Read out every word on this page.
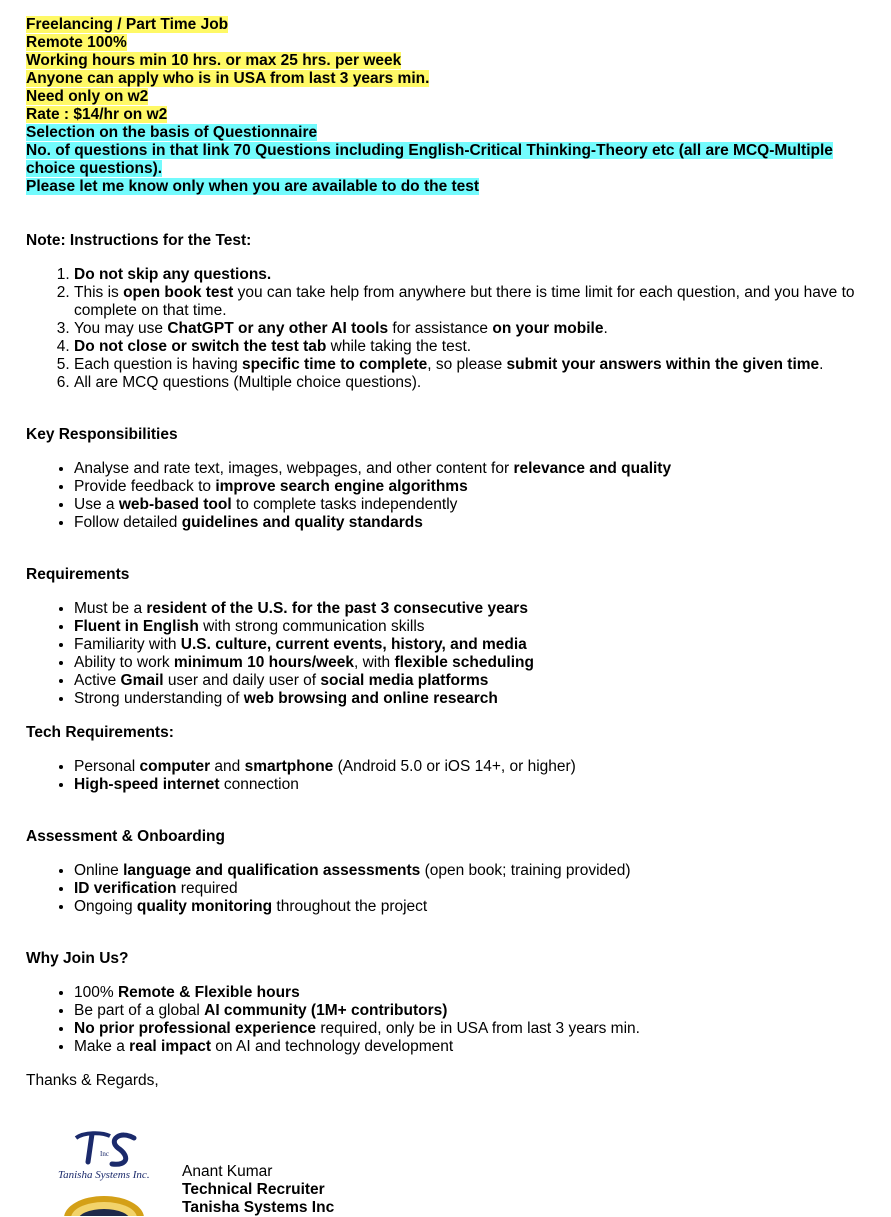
Freelancing / Part Time Job
Remote 100%
Working hours min 10 hrs. or max 25 hrs. per week
Anyone can apply who is in USA from last 3 years min.
Need only on w2
Rate : $14/hr on w2
Selection on the basis of Questionnaire
No. of questions in that link 70 Questions including English-Critical Thinking-Theory etc (all are MCQ-Multiple choice questions).
Please let me know only when you are available to do the test

Note: Instructions for the Test:

1. Do not skip any questions.
2. This is open book test you can take help from anywhere but there is time limit for each question, and you have to complete on that time.
3. You may use ChatGPT or any other AI tools for assistance on your mobile.
4. Do not close or switch the test tab while taking the test.
5. Each question is having specific time to complete, so please submit your answers within the given time.
6. All are MCQ questions (Multiple choice questions).

Key Responsibilities

• Analyse and rate text, images, webpages, and other content for relevance and quality
• Provide feedback to improve search engine algorithms
• Use a web-based tool to complete tasks independently
• Follow detailed guidelines and quality standards

Requirements

• Must be a resident of the U.S. for the past 3 consecutive years
• Fluent in English with strong communication skills
• Familiarity with U.S. culture, current events, history, and media
• Ability to work minimum 10 hours/week, with flexible scheduling
• Active Gmail user and daily user of social media platforms
• Strong understanding of web browsing and online research

Tech Requirements:

• Personal computer and smartphone (Android 5.0 or iOS 14+, or higher)
• High-speed internet connection

Assessment & Onboarding

• Online language and qualification assessments (open book; training provided)
• ID verification required
• Ongoing quality monitoring throughout the project

Why Join Us?

• 100% Remote & Flexible hours
• Be part of a global AI community (1M+ contributors)
• No prior professional experience required, only be in USA from last 3 years min.
• Make a real impact on AI and technology development

Thanks & Regards,

Inc
Tanisha Systems Inc. Anant Kumar
Technical Recruiter
Tanisha Systems Inc
